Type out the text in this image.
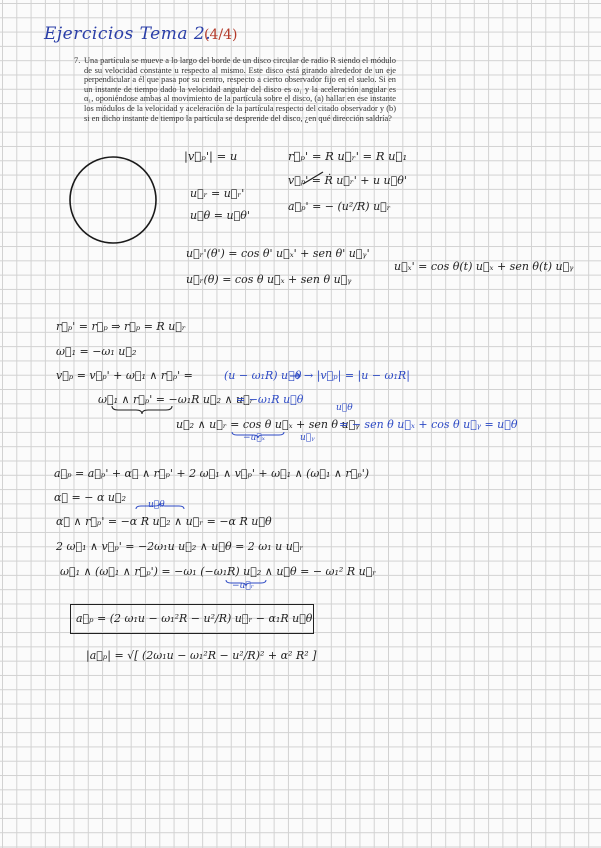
Ejercicios Tema 2.
(4/4)
7. Una partícula se mueve a lo largo del borde de un disco circular de radio R siendo el módulo de su velocidad constante u respecto al mismo. Este disco está girando alrededor de un eje perpendicular a él que pasa por su centro, respecto a cierto observador fijo en el suelo. Si en un instante de tiempo dado la velocidad angular del disco es ω₁ y la aceleración angular es α₁, oponiéndose ambas al movimiento de la partícula sobre el disco, (a) hallar en ese instante los módulos de la velocidad y aceleración de la partícula respecto del citado observador y (b) si en dicho instante de tiempo la partícula se desprende del disco, ¿en qué dirección saldría?
|v⃗ₚ'| = u	r⃗ₚ' = R u⃗ᵣ' = R u⃗₁
u⃗ᵣ = u⃗ᵣ'
v⃗ₚ' = Ṙ u⃗ᵣ' + u u⃗θ'
u⃗θ = u⃗θ'
a⃗ₚ' = − (u²/R) u⃗ᵣ
u⃗ᵣ'(θ') = cos θ' u⃗ₓ' + sen θ' u⃗ᵧ'
u⃗ₓ' = cos θ(t) u⃗ₓ + sen θ(t) u⃗ᵧ
u⃗ᵣ(θ) = cos θ u⃗ₓ + sen θ u⃗ᵧ
r⃗ₚ' = r⃗ₚ ⇒ r⃗ₚ = R u⃗ᵣ
ω⃗₁ = −ω₁ u⃗₂
v⃗ₚ = v⃗ₚ' + ω⃗₁ ∧ r⃗ₚ' =	(u − ω₁R) u⃗θ → |v⃗ₚ| = |u − ω₁R|
ω⃗₁ ∧ r⃗ₚ' = −ω₁R u⃗₂ ∧ u⃗ᵣ
= −ω₁R u⃗θ
u⃗₂ ∧ u⃗ᵣ = cos θ u⃗ₓ + sen θ u⃗ᵧ
= − sen θ u⃗ₓ + cos θ u⃗ᵧ = u⃗θ
u⃗ᵧ
−u⃗ₓ
u⃗θ
a⃗ₚ = a⃗ₚ' + α⃗ ∧ r⃗ₚ' + 2 ω⃗₁ ∧ v⃗ₚ' + ω⃗₁ ∧ (ω⃗₁ ∧ r⃗ₚ')
α⃗ = − α u⃗₂
α⃗ ∧ r⃗ₚ' = −α R u⃗₂ ∧ u⃗ᵣ = −α R u⃗θ
u⃗θ
2 ω⃗₁ ∧ v⃗ₚ' = −2ω₁u u⃗₂ ∧ u⃗θ = 2 ω₁ u u⃗ᵣ
ω⃗₁ ∧ (ω⃗₁ ∧ r⃗ₚ') = −ω₁ (−ω₁R) u⃗₂ ∧ u⃗θ = − ω₁² R u⃗ᵣ
−u⃗ᵣ
a⃗ₚ = (2 ω₁u − ω₁²R − u²/R) u⃗ᵣ − α₁R u⃗θ
|a⃗ₚ| = √[ (2ω₁u − ω₁²R − u²/R)² + α² R² ]
